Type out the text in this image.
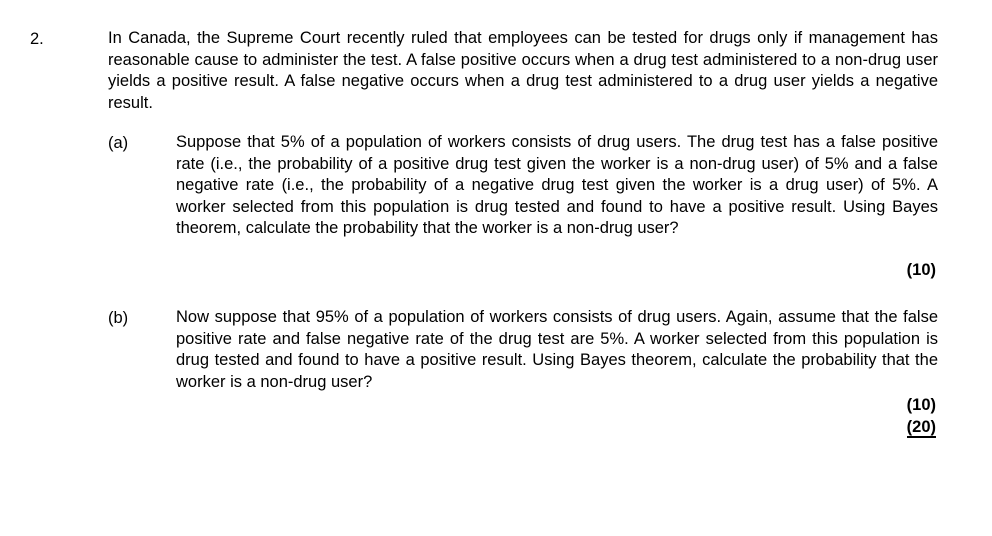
2.	In Canada, the Supreme Court recently ruled that employees can be tested for drugs only if management has reasonable cause to administer the test. A false positive occurs when a drug test administered to a non-drug user yields a positive result. A false negative occurs when a drug test administered to a drug user yields a negative result.

(a)	Suppose that 5% of a population of workers consists of drug users. The drug test has a false positive rate (i.e., the probability of a positive drug test given the worker is a non-drug user) of 5% and a false negative rate (i.e., the probability of a negative drug test given the worker is a drug user) of 5%. A worker selected from this population is drug tested and found to have a positive result. Using Bayes theorem, calculate the probability that the worker is a non-drug user?

(10)
(b)	Now suppose that 95% of a population of workers consists of drug users. Again, assume that the false positive rate and false negative rate of the drug test are 5%. A worker selected from this population is drug tested and found to have a positive result. Using Bayes theorem, calculate the probability that the worker is a non-drug user?

(10)
(20)
